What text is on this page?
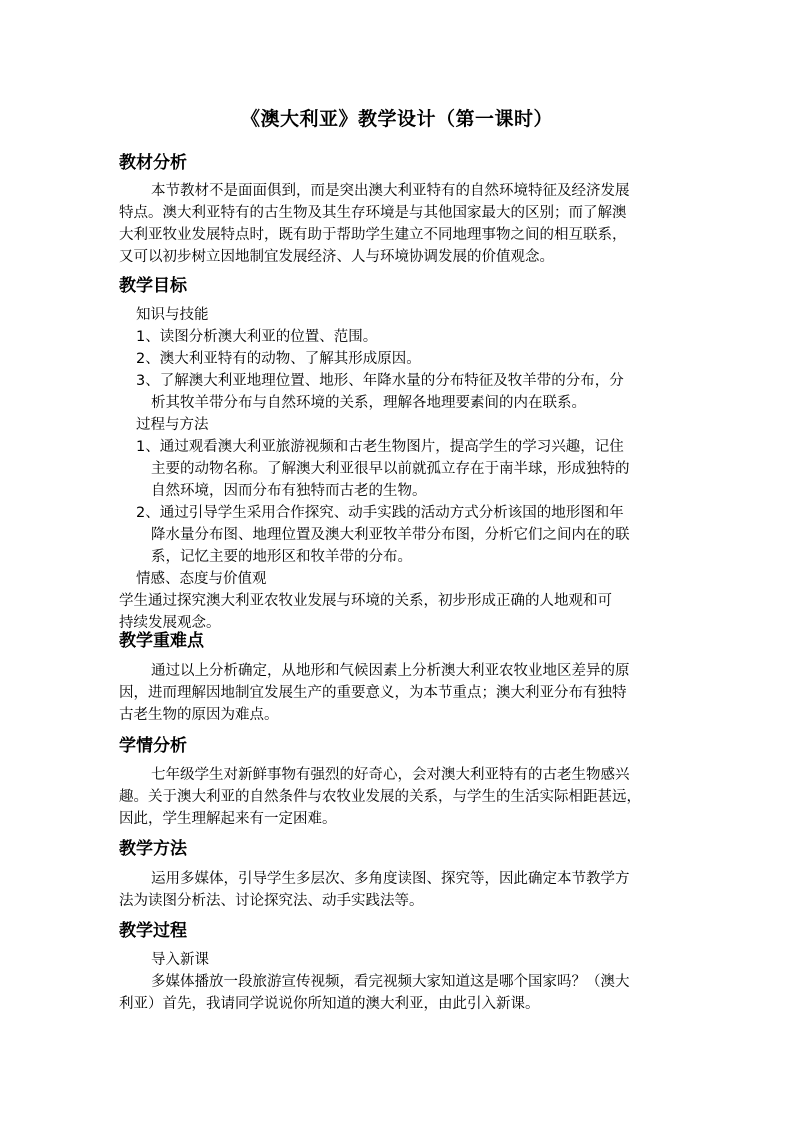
《澳大利亚》教学设计（第一课时）
教材分析
本节教材不是面面俱到，而是突出澳大利亚特有的自然环境特征及经济发展
特点。澳大利亚特有的古生物及其生存环境是与其他国家最大的区别；而了解澳
大利亚牧业发展特点时，既有助于帮助学生建立不同地理事物之间的相互联系，
又可以初步树立因地制宜发展经济、人与环境协调发展的价值观念。
教学目标
知识与技能
1、读图分析澳大利亚的位置、范围。
2、澳大利亚特有的动物、了解其形成原因。
3、了解澳大利亚地理位置、地形、年降水量的分布特征及牧羊带的分布，分
析其牧羊带分布与自然环境的关系，理解各地理要素间的内在联系。
过程与方法
1、通过观看澳大利亚旅游视频和古老生物图片，提高学生的学习兴趣，记住
主要的动物名称。了解澳大利亚很早以前就孤立存在于南半球，形成独特的
自然环境，因而分布有独特而古老的生物。
2、通过引导学生采用合作探究、动手实践的活动方式分析该国的地形图和年
降水量分布图、地理位置及澳大利亚牧羊带分布图，分析它们之间内在的联
系，记忆主要的地形区和牧羊带的分布。
情感、态度与价值观
学生通过探究澳大利亚农牧业发展与环境的关系，初步形成正确的人地观和可
持续发展观念。
教学重难点
通过以上分析确定，从地形和气候因素上分析澳大利亚农牧业地区差异的原
因，进而理解因地制宜发展生产的重要意义，为本节重点；澳大利亚分布有独特
古老生物的原因为难点。
学情分析
七年级学生对新鲜事物有强烈的好奇心，会对澳大利亚特有的古老生物感兴
趣。关于澳大利亚的自然条件与农牧业发展的关系，与学生的生活实际相距甚远，
因此，学生理解起来有一定困难。
教学方法
运用多媒体，引导学生多层次、多角度读图、探究等，因此确定本节教学方
法为读图分析法、讨论探究法、动手实践法等。
教学过程
导入新课
多媒体播放一段旅游宣传视频，看完视频大家知道这是哪个国家吗？（澳大
利亚）首先，我请同学说说你所知道的澳大利亚，由此引入新课。
